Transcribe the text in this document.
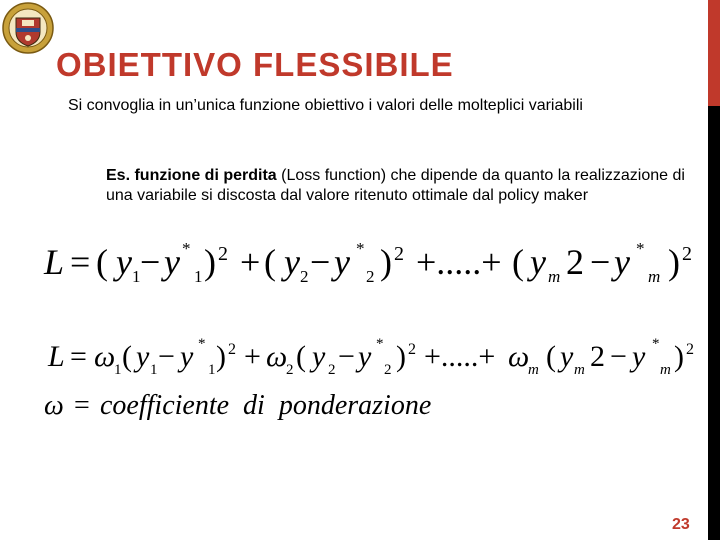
OBIETTIVO FLESSIBILE
Si convoglia in un’unica funzione obiettivo i valori delle molteplici variabili
Es. funzione di perdita (Loss function) che dipende da quanto la realizzazione di una variabile si discosta dal valore ritenuto ottimale dal policy maker
L = ( y 1 − y *
1 ) 2 + ( y 2 − y *
2 ) 2 +.....+ ( y m 2 − y *
m ) 2
L = ω
1 ( y 1 − y *
1 ) 2 + ω
2 ( y 2 − y *
2 ) 2 +.....+ ω
m ( y m 2 − y *
m ) 2
ω = coefficiente  di  ponderazione
23
